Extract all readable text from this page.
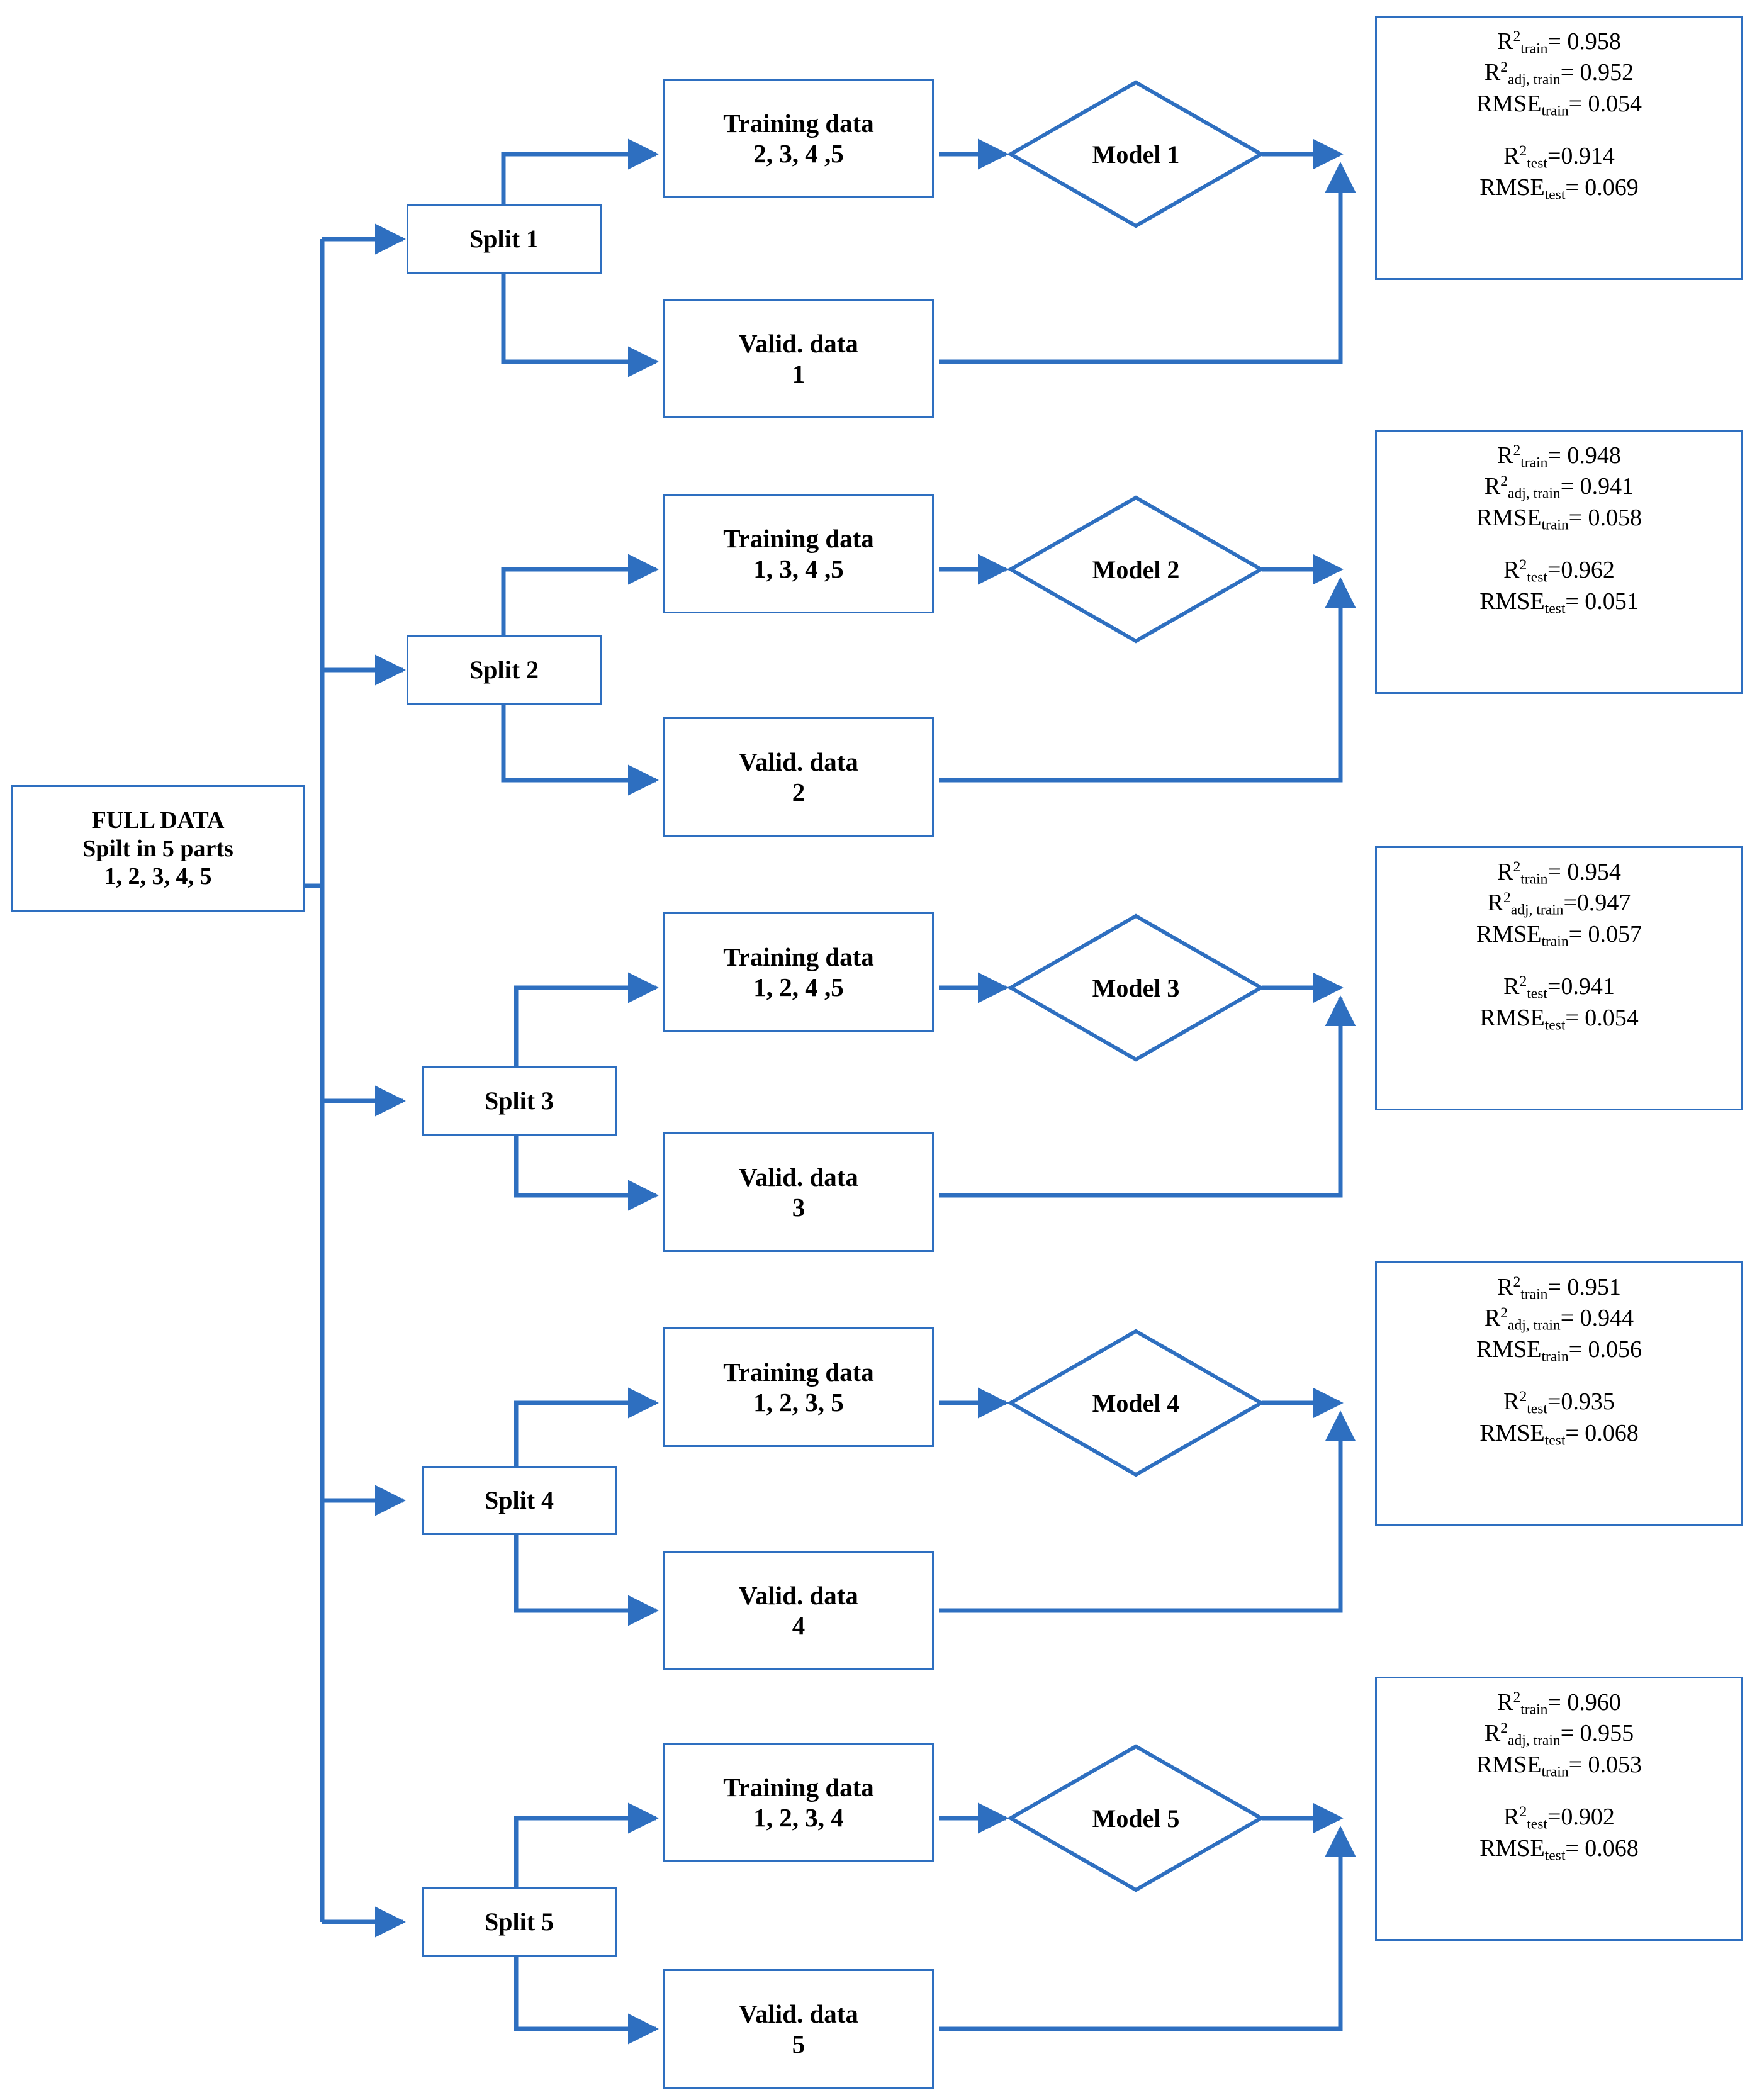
FULL DATA
Spilt in 5 parts
1, 2, 3, 4, 5
Split 1
Training data
2, 3, 4 ,5
Valid. data
1
Model 1
$R^2_{train}= 0.958$
$R^2_{adj, train}= 0.952$
$RMSE_{train}= 0.054$
$R^2_{test}=0.914$
$RMSE_{test}= 0.069$
Split 2
Training data
1, 3, 4 ,5
Valid. data
2
Model 2
$R^2_{train}= 0.948$
$R^2_{adj, train}= 0.941$
$RMSE_{train}= 0.058$
$R^2_{test}=0.962$
$RMSE_{test}= 0.051$
Split 3
Training data
1, 2, 4 ,5
Valid. data
3
Model 3
$R^2_{train}= 0.954$
$R^2_{adj, train}=0.947$
$RMSE_{train}= 0.057$
$R^2_{test}=0.941$
$RMSE_{test}= 0.054$
Split 4
Training data
1, 2, 3, 5
Valid. data
4
Model 4
$R^2_{train}= 0.951$
$R^2_{adj, train}= 0.944$
$RMSE_{train}= 0.056$
$R^2_{test}=0.935$
$RMSE_{test}= 0.068$
Split 5
Training data
1, 2, 3, 4
Valid. data
5
Model 5
$R^2_{train}= 0.960$
$R^2_{adj, train}= 0.955$
$RMSE_{train}= 0.053$
$R^2_{test}=0.902$
$RMSE_{test}= 0.068$
